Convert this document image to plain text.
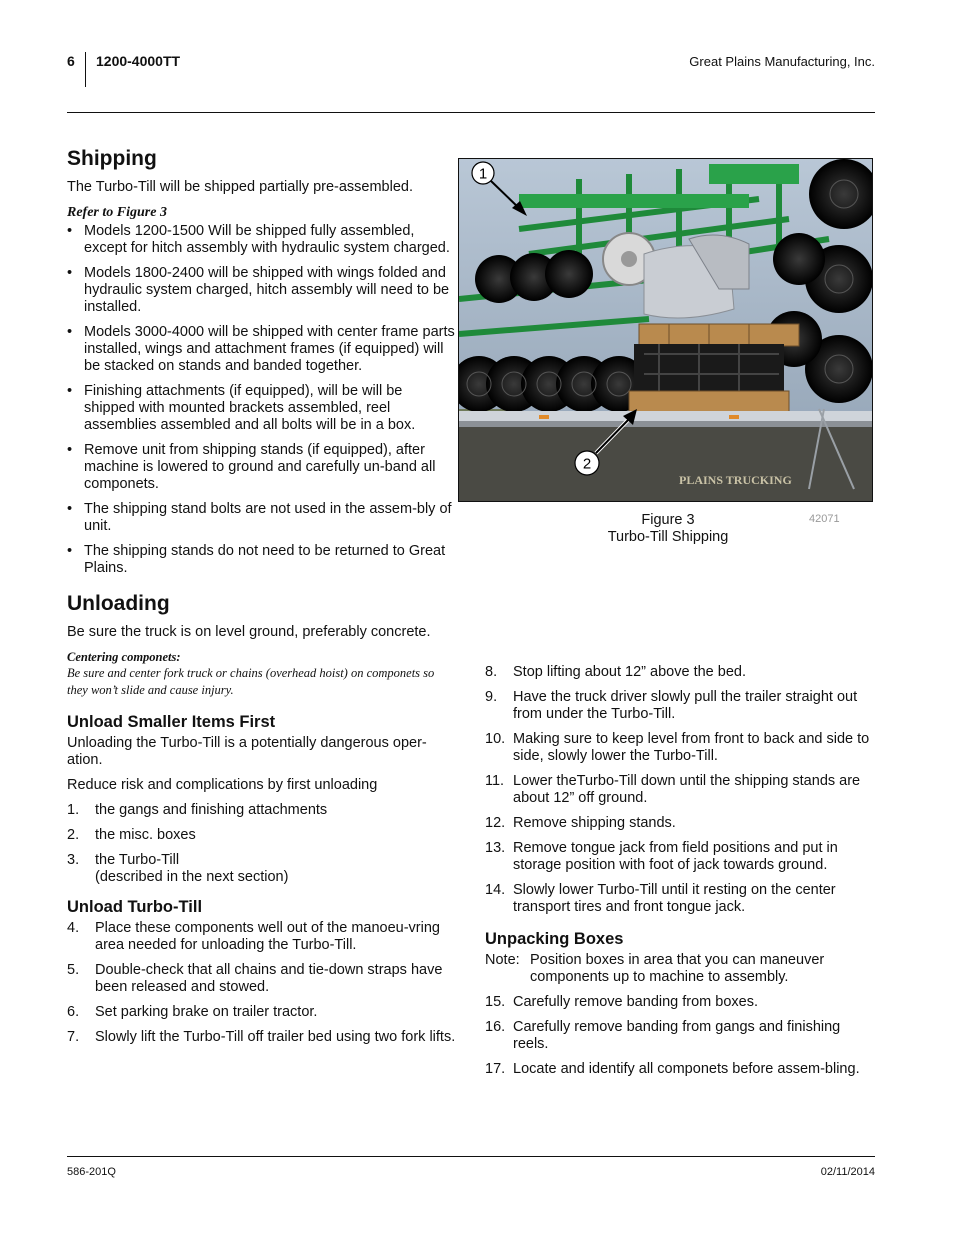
6 1200-4000TT	Great Plains Manufacturing, Inc.
Shipping

The Turbo-Till will be shipped partially pre-assembled.

Refer to Figure 3

• Models 1200-1500 Will be shipped fully assembled, except for hitch assembly with hydraulic system charged.
• Models 1800-2400 will be shipped with wings folded and hydraulic system charged, hitch assembly will need to be installed.
• Models 3000-4000 will be shipped with center frame parts installed, wings and attachment frames (if equipped) will be stacked on stands and banded together.
• Finishing attachments (if equipped), will be will be shipped with mounted brackets assembled, reel assemblies assembled and all bolts will be in a box.
• Remove unit from shipping stands (if equipped), after machine is lowered to ground and carefully un-band all componets.
• The shipping stand bolts are not used in the assem-bly of unit.
• The shipping stands do not need to be returned to Great Plains.
Unloading

Be sure the truck is on level ground, preferably concrete.

Centering componets:

Be sure and center fork truck or chains (overhead hoist) on componets so they won’t slide and cause injury.

Unload Smaller Items First

Unloading the Turbo-Till is a potentially dangerous oper-ation.

Reduce risk and complications by first unloading

1. the gangs and finishing attachments
2. the misc. boxes
3. the Turbo-Till
(described in the next section)
Unload Turbo-Till
4. Place these components well out of the manoeu-vring area needed for unloading the Turbo-Till.
5. Double-check that all chains and tie-down straps have been released and stowed.
6. Set parking brake on trailer tractor.
7. Slowly lift the Turbo-Till off trailer bed using two fork lifts.
PLAINS TRUCKING
1
2
Figure 3
Turbo-Till Shipping
42071
8. Stop lifting about 12” above the bed.
9. Have the truck driver slowly pull the trailer straight out from under the Turbo-Till.
10. Making sure to keep level from front to back and side to side, slowly lower the Turbo-Till.
11. Lower theTurbo-Till down until the shipping stands are about 12” off ground.
12. Remove shipping stands.
13. Remove tongue jack from field positions and put in storage position with foot of jack towards ground.
14. Slowly lower Turbo-Till until it resting on the center transport tires and front tongue jack.
Unpacking Boxes
Note: Position boxes in area that you can maneuver components up to machine to assembly.
15. Carefully remove banding from boxes.
16. Carefully remove banding from gangs and finishing reels.
17. Locate and identify all componets before assem-bling.
586-201Q	02/11/2014
